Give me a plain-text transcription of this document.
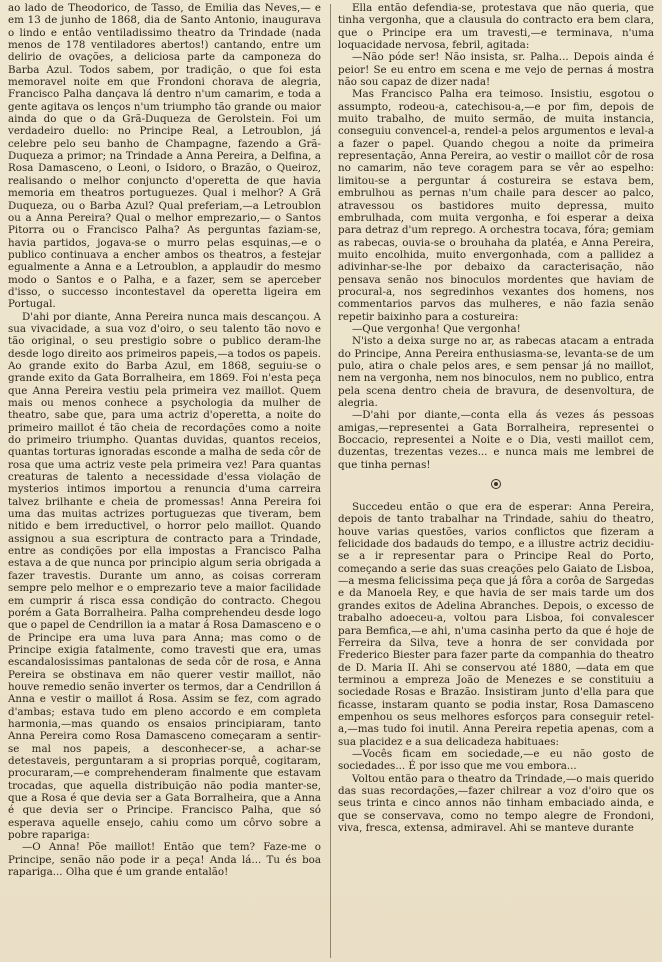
ao lado de Theodorico, de Tasso, de Emilia das Neves,— e em 13 de junho de 1868, dia de Santo Antonio, inaugurava o lindo e entâo ventiladissimo theatro da Trindade (nada menos de 178 ventiladores abertos!) cantando, entre um delirio de ovações, a deliciosa parte da camponeza do Barba Azul. Todos sabem, por tradição, o que foi esta memoravel noite em que Frondoni chorava de alegria, Francisco Palha dançava lá dentro n'um camarim, e toda a gente agitava os lenços n'um triumpho tão grande ou maior ainda do que o da Grã-Duqueza de Gerolstein. Foi um verdadeiro duello: no Principe Real, a Letroublon, já celebre pelo seu banho de Champagne, fazendo a Grã-Duqueza a primor; na Trindade a Anna Pereira, a Delfina, a Rosa Damasceno, o Leoni, o Isidoro, o Brazão, o Queiroz, realisando o melhor conjuncto d'operetta de que havia memoria em theatros portuguezes. Qual i melhor? A Grã Duqueza, ou o Barba Azul? Qual preferiam,—a Letroublon ou a Anna Pereira? Qual o melhor emprezario,— o Santos Pitorra ou o Francisco Palha? As perguntas faziam-se, havia partidos, jogava-se o murro pelas esquinas,—e o publico continuava a encher ambos os theatros, a festejar egualmente a Anna e a Letroublon, a applaudir do mesmo modo o Santos e o Palha, e a fazer, sem se aperceber d'isso, o successo incontestavel da operetta ligeira em Portugal.

D'ahi por diante, Anna Pereira nunca mais descançou. A sua vivacidade, a sua voz d'oiro, o seu talento tão novo e tão original, o seu prestigio sobre o publico deram-lhe desde logo direito aos primeiros papeis,—a todos os papeis. Ao grande exito do Barba Azul, em 1868, seguiu-se o grande exito da Gata Borralheira, em 1869. Foi n'esta peça que Anna Pereira vestiu pela primeira vez maillot. Quem mais ou menos conhece a psychologia da mulher de theatro, sabe que, para uma actriz d'operetta, a noite do primeiro maillot é tão cheia de recordações como a noite do primeiro triumpho. Quantas duvidas, quantos receios, quantas torturas ignoradas esconde a malha de seda côr de rosa que uma actriz veste pela primeira vez! Para quantas creaturas de talento a necessidade d'essa violação de mysterios intimos importou a renuncia d'uma carreira talvez brilhante e cheia de promessas! Anna Pereira foi uma das muitas actrizes portuguezas que tiveram, bem nitido e bem irreductivel, o horror pelo maillot. Quando assignou a sua escriptura de contracto para a Trindade, entre as condições por ella impostas a Francisco Palha estava a de que nunca por principio algum seria obrigada a fazer travestis. Durante um anno, as coisas correram sempre pelo melhor e o emprezario teve a maior facilidade em cumprir á risca essa condição do contracto. Chegou porém a Gata Borralheira. Palha comprehendeu desde logo que o papel de Cendrillon ia a matar á Rosa Damasceno e o de Principe era uma luva para Anna; mas como o de Principe exigia fatalmente, como travesti que era, umas escandalosissimas pantalonas de seda côr de rosa, e Anna Pereira se obstinava em não querer vestir maillot, não houve remedio senão inverter os termos, dar a Cendrillon á Anna e vestir o maillot á Rosa. Assim se fez, com agrado d'ambas; estava tudo em pleno accordo e em completa harmonia,—mas quando os ensaios principiaram, tanto Anna Pereira como Rosa Damasceno começaram a sentir-se mal nos papeis, a desconhecer-se, a achar-se detestaveis, perguntaram a si proprias porquê, cogitaram, procuraram,—e comprehenderam finalmente que estavam trocadas, que aquella distribuição não podia manter-se, que a Rosa é que devia ser a Gata Borralheira, que a Anna é que devia ser o Principe. Francisco Palha, que só esperava aquelle ensejo, cahiu como um côrvo sobre a pobre rapariga:

—O Anna! Põe maillot! Então que tem? Faze-me o Principe, senão não pode ir a peça! Anda lá... Tu és boa rapariga... Olha que é um grande entalão!

Ella então defendia-se, protestava que não queria, que tinha vergonha, que a clausula do contracto era bem clara, que o Principe era um travesti,—e terminava, n'uma loquacidade nervosa, febril, agitada:

—Não póde ser! Não insista, sr. Palha... Depois ainda é peior! Se eu entro em scena e me vejo de pernas á mostra não sou capaz de dizer nada!

Mas Francisco Palha era teimoso. Insistiu, esgotou o assumpto, rodeou-a, catechisou-a,—e por fim, depois de muito trabalho, de muito sermão, de muita instancia, conseguiu convencel-a, rendel-a pelos argumentos e leval-a a fazer o papel. Quando chegou a noite da primeira representação, Anna Pereira, ao vestir o maillot côr de rosa no camarim, não teve coragem para se vêr ao espelho: limitou-se a perguntar á costureira se estava bem, embrulhou as pernas n'um chaile para descer ao palco, atravessou os bastidores muito depressa, muito embrulhada, com muita vergonha, e foi esperar a deixa para detraz d'um repregо. A orchestra tocava, fóra; gemiam as rabecas, ouvia-se o brouhaha da platéa, e Anna Pereira, muito encolhida, muito envergonhada, com a pallidez a adivinhar-se-lhe por debaixo da caracterisação, não pensava senão nos binoculos mordentes que haviam de procural-a, nos segredinhos vexantes dos homens, nos commentarios parvos das mulheres, e não fazia senão repetir baixinho para a costureira:

—Que vergonha! Que vergonha!

N'isto a deixa surge no ar, as rabecas atacam a entrada do Principe, Anna Pereira enthusiasma-se, levanta-se de um pulo, atira o chale pelos ares, e sem pensar já no maillot, nem na vergonha, nem nos binoculos, nem no publico, entra pela scena dentro cheia de bravura, de desenvoltura, de alegria.

—D'ahi por diante,—conta ella ás vezes ás pessoas amigas,—representei a Gata Borralheira, representei o Boccacio, representei a Noite e o Dia, vesti maillot cem, duzentas, trezentas vezes... e nunca mais me lembrei de que tinha pernas!

Succedeu então o que era de esperar: Anna Pereira, depois de tanto trabalhar na Trindade, sahiu do theatro, houve varias questões, varios conflictos que fizeram a felicidade dos badauds do tempo, e a illustre actriz decidiu-se a ir representar para o Principe Real do Porto, começando a serie das suas creações pelo Gaiato de Lisboa,—a mesma felicissima peça que já fôra a corôa de Sargedas e da Manoela Rey, e que havia de ser mais tarde um dos grandes exitos de Adelina Abranches. Depois, o excesso de trabalho adoeceu-a, voltou para Lisboa, foi convalescer para Bemfica,—e ahi, n'uma casinha perto da que é hoje de Ferreira da Silva, teve a honra de ser convidada por Frederico Biester para fazer parte da companhia do theatro de D. Maria II. Ahi se conservou até 1880, —data em que terminou a empreza João de Menezes e se constituiu a sociedade Rosas e Brazão. Insistiram junto d'ella para que ficasse, instaram quanto se podia instar, Rosa Damasceno empenhou os seus melhores esforços para conseguir retel-a,—mas tudo foi inutil. Anna Pereira repetia apenas, com a sua placidez e a sua delicadeza habituaes:

—Vocês ficam em sociedade,—e eu não gosto de sociedades... É por isso que me vou embora...

Voltou então para o theatro da Trindade,—o mais querido das suas recordações,—fazer chilrear a voz d'oiro que os seus trinta e cinco annos não tinham embaciado ainda, e que se conservava, como no tempo alegre de Frondoni, viva, fresca, extensa, admiravel. Ahi se manteve durante
